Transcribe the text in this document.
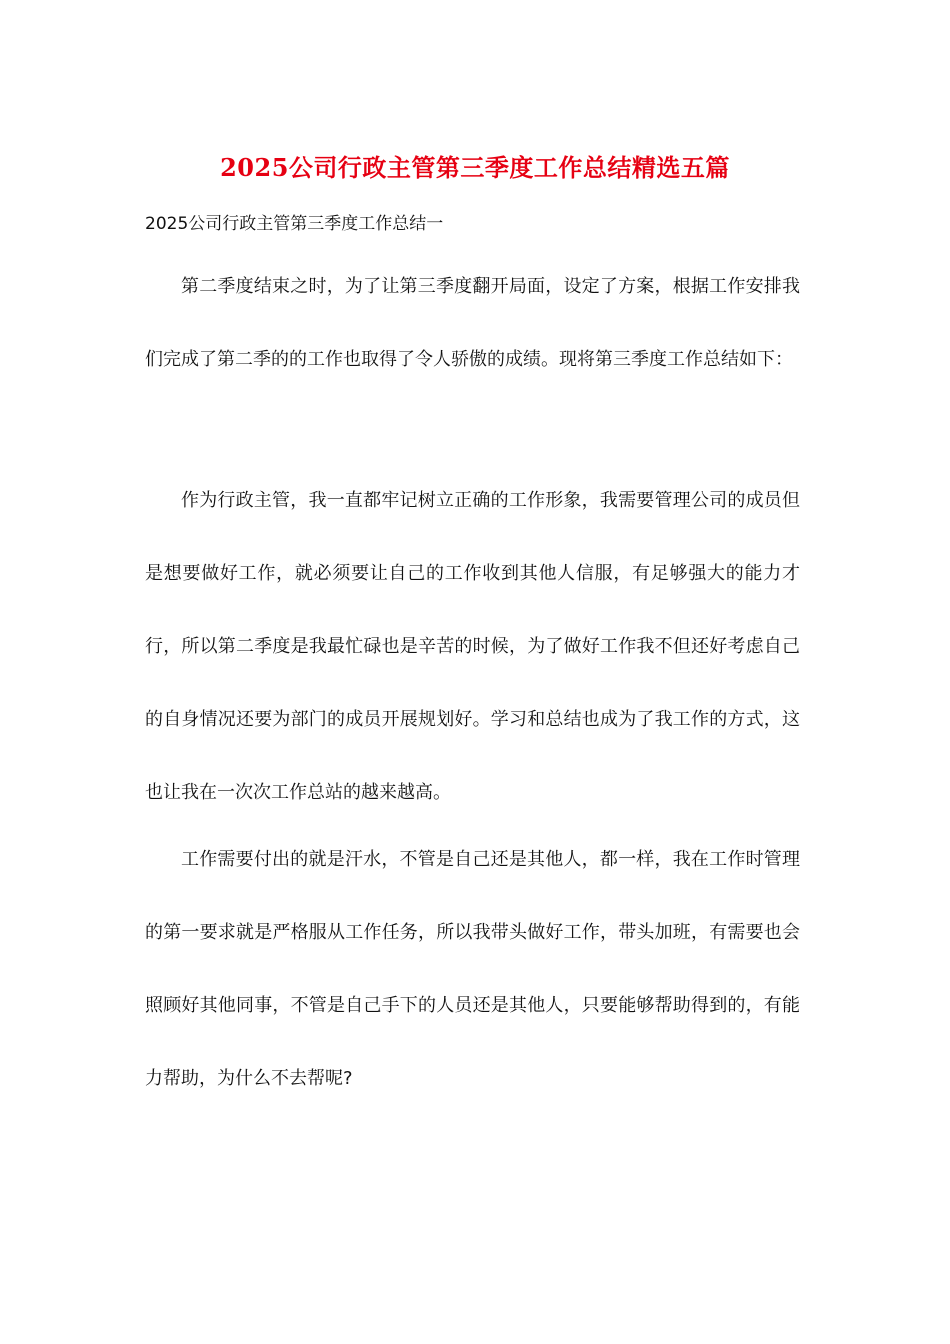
2025公司行政主管第三季度工作总结精选五篇
2025公司行政主管第三季度工作总结一

第二季度结束之时，为了让第三季度翻开局面，设定了方案，根据工作安排我们完成了第二季的的工作也取得了令人骄傲的成绩。现将第三季度工作总结如下：

作为行政主管，我一直都牢记树立正确的工作形象，我需要管理公司的成员但是想要做好工作，就必须要让自己的工作收到其他人信服，有足够强大的能力才行，所以第二季度是我最忙碌也是辛苦的时候，为了做好工作我不但还好考虑自己的自身情况还要为部门的成员开展规划好。学习和总结也成为了我工作的方式，这也让我在一次次工作总站的越来越高。

工作需要付出的就是汗水，不管是自己还是其他人，都一样，我在工作时管理的第一要求就是严格服从工作任务，所以我带头做好工作，带头加班，有需要也会照顾好其他同事，不管是自己手下的人员还是其他人，只要能够帮助得到的，有能力帮助，为什么不去帮呢?
